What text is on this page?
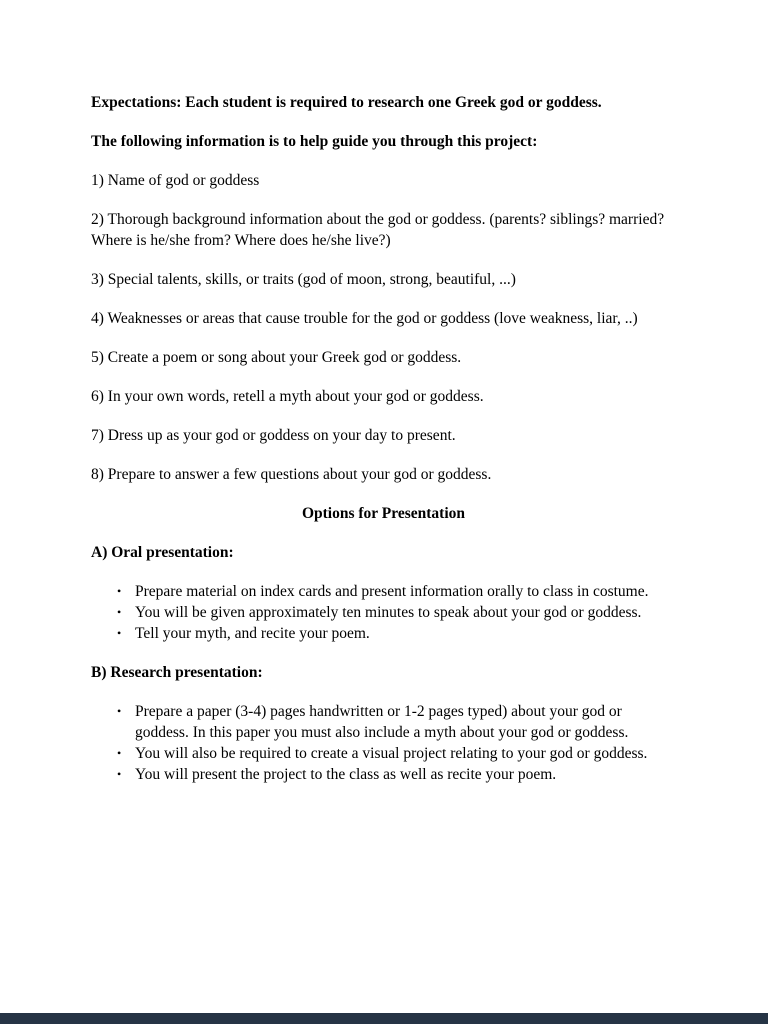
Expectations: Each student is required to research one Greek god or goddess.

The following information is to help guide you through this project:

1) Name of god or goddess

2) Thorough background information about the god or goddess. (parents? siblings? married? Where is he/she from? Where does he/she live?)

3) Special talents, skills, or traits (god of moon, strong, beautiful, ...)

4) Weaknesses or areas that cause trouble for the god or goddess (love weakness, liar, ..)

5) Create a poem or song about your Greek god or goddess.

6) In your own words, retell a myth about your god or goddess.

7) Dress up as your god or goddess on your day to present.

8) Prepare to answer a few questions about your god or goddess.

Options for Presentation

A) Oral presentation:

• Prepare material on index cards and present information orally to class in costume.
• You will be given approximately ten minutes to speak about your god or goddess.
• Tell your myth, and recite your poem.

B) Research presentation:

• Prepare a paper (3-4) pages handwritten or 1-2 pages typed) about your god or goddess. In this paper you must also include a myth about your god or goddess.
• You will also be required to create a visual project relating to your god or goddess.
• You will present the project to the class as well as recite your poem.
